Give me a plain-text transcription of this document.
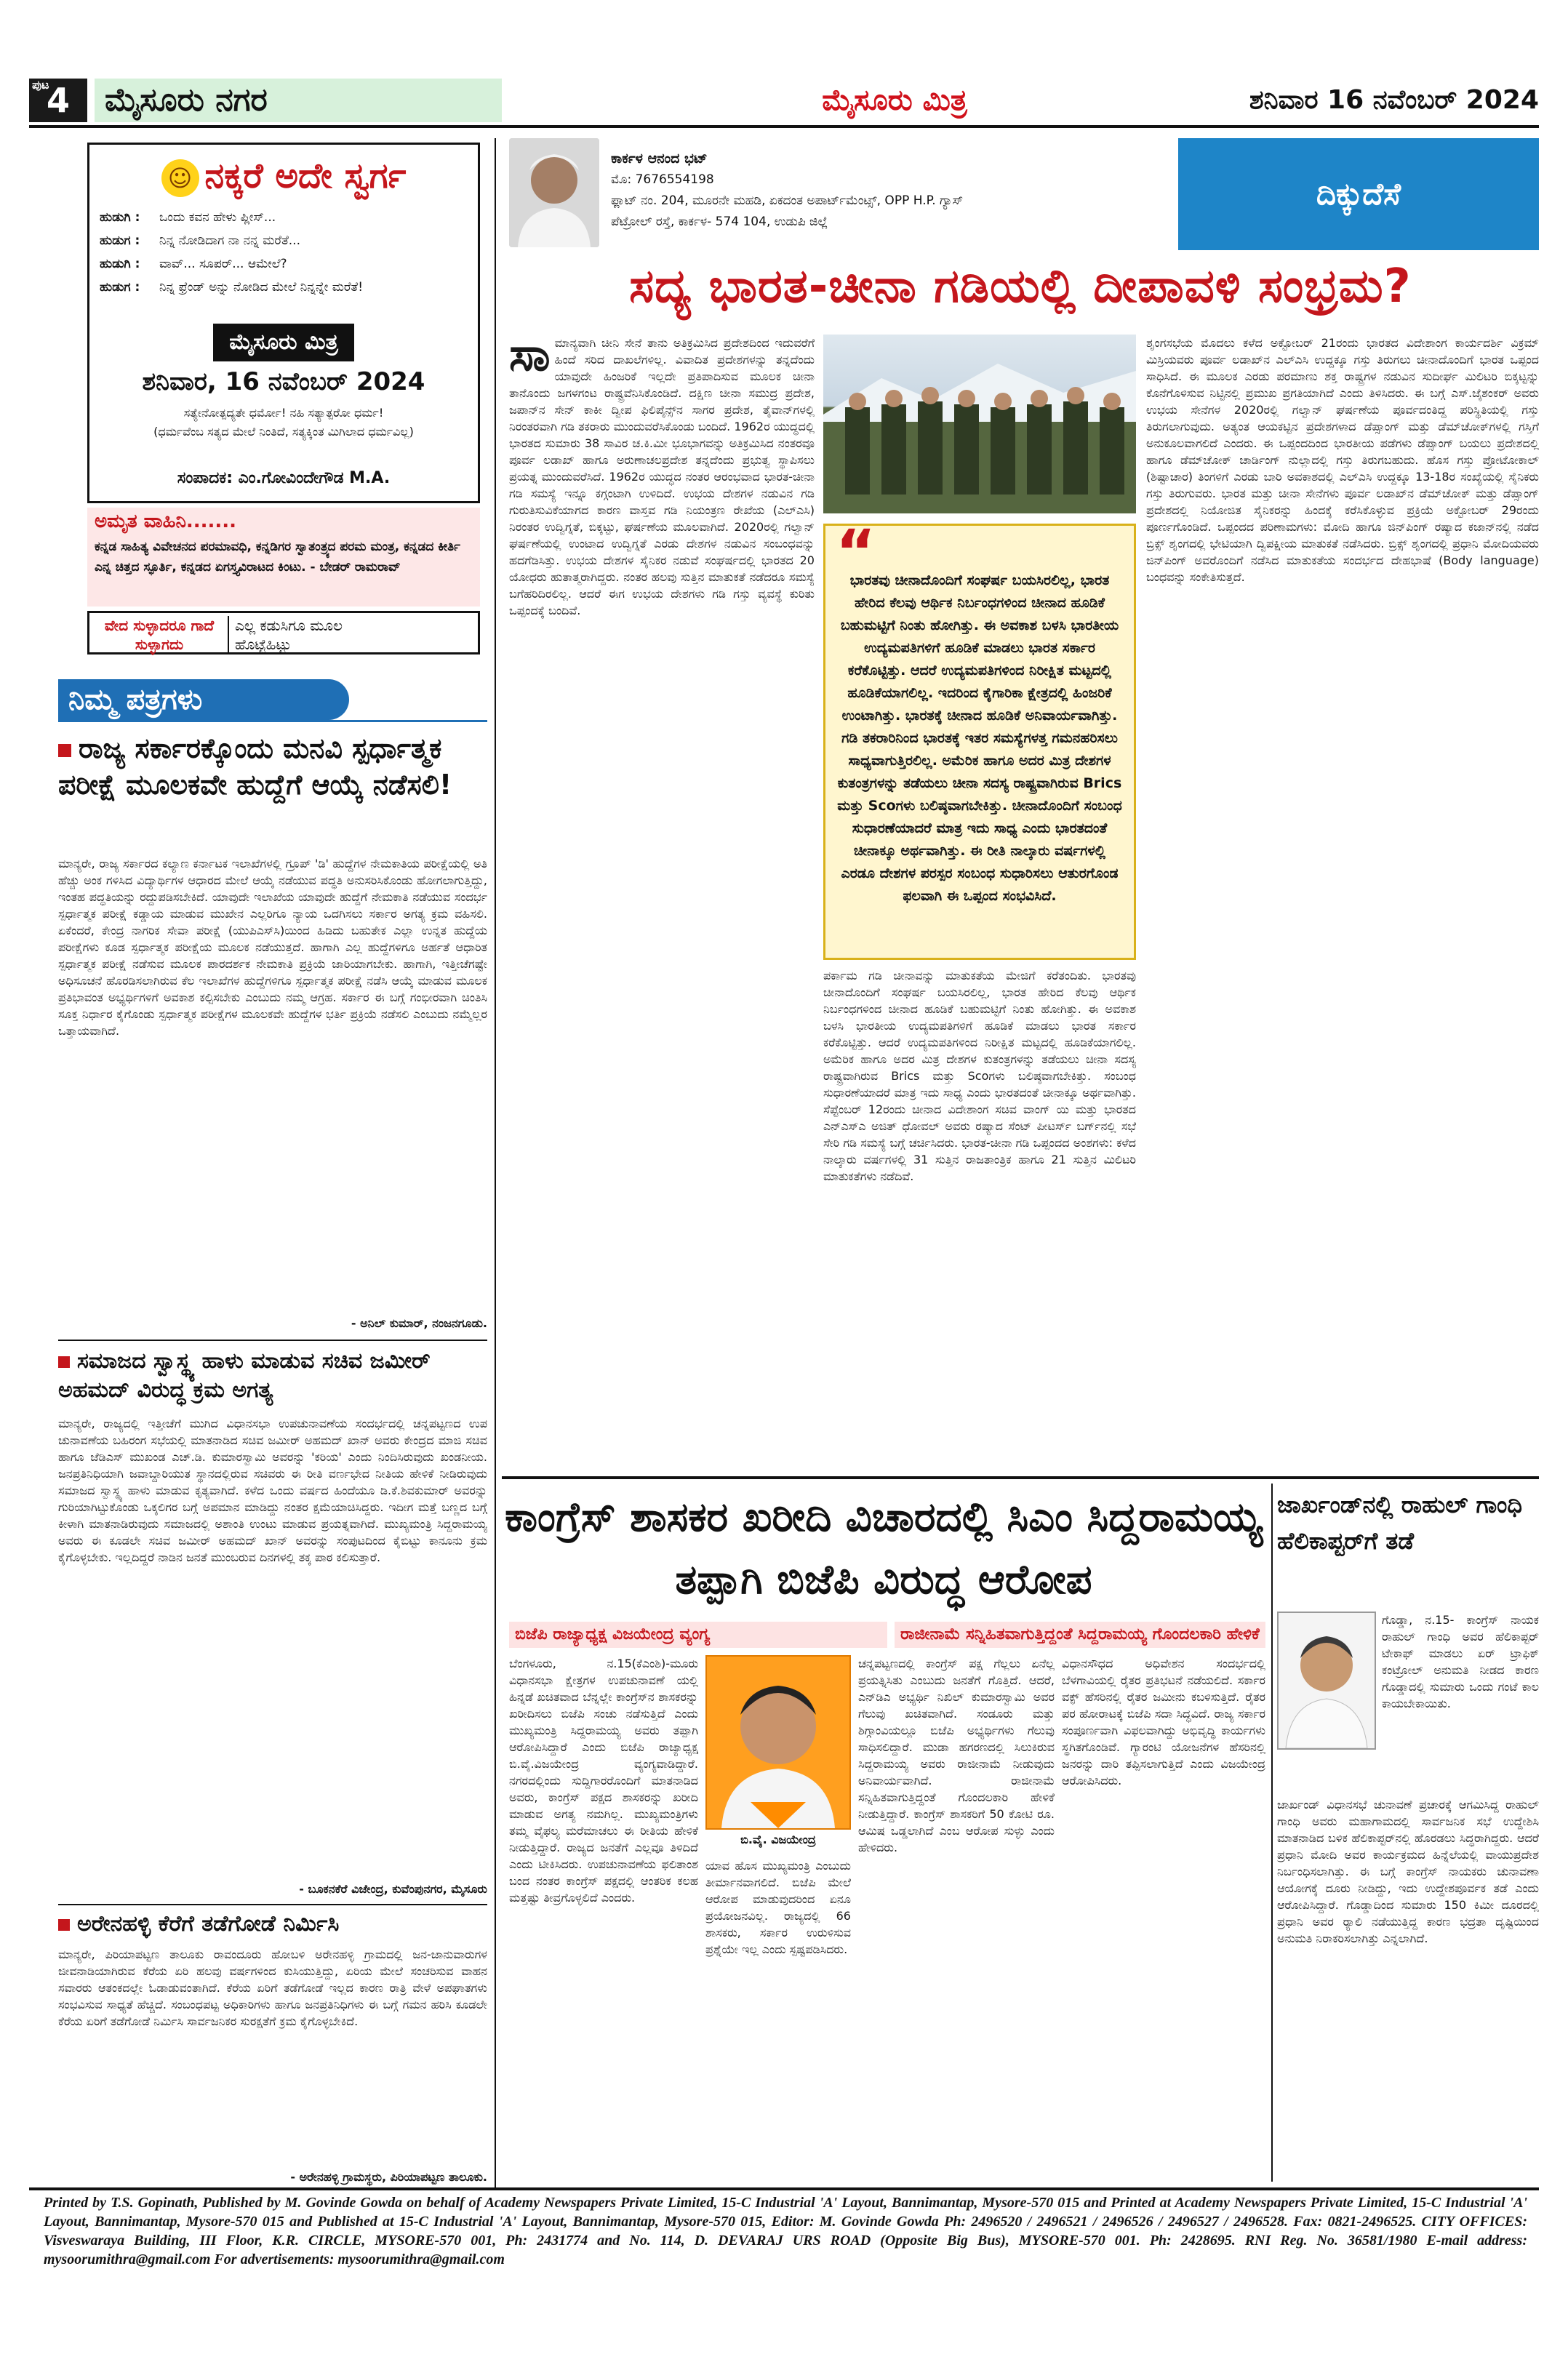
ಪುಟ
4	ಮೈಸೂರು ನಗರ	ಮೈಸೂರು ಮಿತ್ರ	ಶನಿವಾರ 16 ನವೆಂಬರ್ 2024
☺ ನಕ್ಕರೆ ಅದೇ ಸ್ವರ್ಗ
ಹುಡುಗಿ : ಒಂದು ಕವನ ಹೇಳು ಪ್ಲೀಸ್...
ಹುಡುಗ : ನಿನ್ನ ನೋಡಿದಾಗ ನಾ ನನ್ನ ಮರೆತೆ...
ಹುಡುಗಿ : ವಾವ್... ಸೂಪರ್... ಆಮೇಲೆ?
ಹುಡುಗ : ನಿನ್ನ ಫ್ರೆಂಡ್ ಅನ್ನು ನೋಡಿದ ಮೇಲೆ ನಿನ್ನನ್ನೇ ಮರೆತೆ!
ಮೈಸೂರು ಮಿತ್ರ
ಶನಿವಾರ, 16 ನವೆಂಬರ್ 2024
ಸತ್ಯೇನೋತ್ಪದ್ಯತೇ ಧರ್ಮೋ! ನಹಿ ಸತ್ಯಾತ್ಪರೋ ಧರ್ಮ!
(ಧರ್ಮವೆಂಬ ಸತ್ಯದ ಮೇಲೆ ನಿಂತಿದೆ, ಸತ್ಯಕ್ಕಿಂತ ಮಿಗಿಲಾದ ಧರ್ಮವಿಲ್ಲ)
ಸಂಪಾದಕ: ಎಂ.ಗೋವಿಂದೇಗೌಡ M.A.
ಅಮೃತ ವಾಹಿನಿ.......
ಕನ್ನಡ ಸಾಹಿತ್ಯ ವಿವೇಚನದ ಪರಮಾವಧಿ, ಕನ್ನಡಿಗರ ಸ್ವಾತಂತ್ರ್ಯದ ಪರಮ ಮಂತ್ರ, ಕನ್ನಡದ ಕೀರ್ತಿ ಎನ್ನ ಚಿತ್ತದ ಸ್ಫೂರ್ತಿ, ಕನ್ನಡದ ಏಗಸ್ತ್ಯವಿರಾಟದ ಕಿಂಟು. - ಬೇಡರ್ ರಾಮರಾವ್
ವೇದ ಸುಳ್ಳಾದರೂ ಗಾದೆ ಸುಳ್ಳಾಗದು
ಎಲ್ಲ ಕಡುಸಿಗೂ ಮೂಲ ಹೊಟ್ಟೆಹಿಟ್ಟು
ನಿಮ್ಮ ಪತ್ರಗಳು
ರಾಜ್ಯ ಸರ್ಕಾರಕ್ಕೊಂದು ಮನವಿ ಸ್ಪರ್ಧಾತ್ಮಕ ಪರೀಕ್ಷೆ ಮೂಲಕವೇ ಹುದ್ದೆಗೆ ಆಯ್ಕೆ ನಡೆಸಲಿ!
ಮಾನ್ಯರೇ, ರಾಜ್ಯ ಸರ್ಕಾರದ ಕಲ್ಯಾಣ ಕರ್ನಾಟಕ ಇಲಾಖೆಗಳಲ್ಲಿ ಗ್ರೂಪ್ 'ಡಿ' ಹುದ್ದೆಗಳ ನೇಮಕಾತಿಯ ಪರೀಕ್ಷೆಯಲ್ಲಿ ಅತಿ ಹೆಚ್ಚು ಅಂಕ ಗಳಿಸಿದ ವಿದ್ಯಾರ್ಥಿಗಳ ಆಧಾರದ ಮೇಲೆ ಆಯ್ಕೆ ನಡೆಯುವ ಪದ್ಧತಿ ಅನುಸರಿಸಿಕೊಂಡು ಹೋಗಲಾಗುತ್ತಿದ್ದು, ಇಂತಹ ಪದ್ಧತಿಯನ್ನು ರದ್ದುಪಡಿಸಬೇಕಿದೆ. ಯಾವುದೇ ಇಲಾಖೆಯ ಯಾವುದೇ ಹುದ್ದೆಗೆ ನೇಮಕಾತಿ ನಡೆಯುವ ಸಂದರ್ಭ ಸ್ಪರ್ಧಾತ್ಮಕ ಪರೀಕ್ಷೆ ಕಡ್ಡಾಯ ಮಾಡುವ ಮುಖೇನ ಎಲ್ಲರಿಗೂ ನ್ಯಾಯ ಒದಗಿಸಲು ಸರ್ಕಾರ ಅಗತ್ಯ ಕ್ರಮ ವಹಿಸಲಿ. ಏಕೆಂದರೆ, ಕೇಂದ್ರ ನಾಗರಿಕ ಸೇವಾ ಪರೀಕ್ಷೆ (ಯುಪಿಎಸ್‌ಸಿ)ಯಿಂದ ಹಿಡಿದು ಬಹುತೇಕ ಎಲ್ಲಾ ಉನ್ನತ ಹುದ್ದೆಯ ಪರೀಕ್ಷೆಗಳು ಕೂಡ ಸ್ಪರ್ಧಾತ್ಮಕ ಪರೀಕ್ಷೆಯ ಮೂಲಕ ನಡೆಯುತ್ತದೆ. ಹಾಗಾಗಿ ಎಲ್ಲ ಹುದ್ದೆಗಳಿಗೂ ಅರ್ಹತೆ ಆಧಾರಿತ ಸ್ಪರ್ಧಾತ್ಮಕ ಪರೀಕ್ಷೆ ನಡೆಸುವ ಮೂಲಕ ಪಾರದರ್ಶಕ ನೇಮಕಾತಿ ಪ್ರಕ್ರಿಯೆ ಜಾರಿಯಾಗಬೇಕು. ಹಾಗಾಗಿ, ಇತ್ತೀಚೆಗಷ್ಟೇ ಅಧಿಸೂಚನೆ ಹೊರಡಿಸಲಾಗಿರುವ ಕೆಲ ಇಲಾಖೆಗಳ ಹುದ್ದೆಗಳಿಗೂ ಸ್ಪರ್ಧಾತ್ಮಕ ಪರೀಕ್ಷೆ ನಡೆಸಿ ಆಯ್ಕೆ ಮಾಡುವ ಮೂಲಕ ಪ್ರತಿಭಾವಂತ ಅಭ್ಯರ್ಥಿಗಳಿಗೆ ಅವಕಾಶ ಕಲ್ಪಿಸಬೇಕು ಎಂಬುದು ನಮ್ಮ ಆಗ್ರಹ. ಸರ್ಕಾರ ಈ ಬಗ್ಗೆ ಗಂಭೀರವಾಗಿ ಚಿಂತಿಸಿ ಸೂಕ್ತ ನಿರ್ಧಾರ ಕೈಗೊಂಡು ಸ್ಪರ್ಧಾತ್ಮಕ ಪರೀಕ್ಷೆಗಳ ಮೂಲಕವೇ ಹುದ್ದೆಗಳ ಭರ್ತಿ ಪ್ರಕ್ರಿಯೆ ನಡೆಸಲಿ ಎಂಬುದು ನಮ್ಮೆಲ್ಲರ ಒತ್ತಾಯವಾಗಿದೆ.
- ಅನಿಲ್ ಕುಮಾರ್, ನಂಜನಗೂಡು.
ಸಮಾಜದ ಸ್ವಾಸ್ಥ್ಯ ಹಾಳು ಮಾಡುವ ಸಚಿವ ಜಮೀರ್ ಅಹಮದ್ ವಿರುದ್ಧ ಕ್ರಮ ಅಗತ್ಯ
ಮಾನ್ಯರೇ, ರಾಜ್ಯದಲ್ಲಿ ಇತ್ತೀಚೆಗೆ ಮುಗಿದ ವಿಧಾನಸಭಾ ಉಪಚುನಾವಣೆಯ ಸಂದರ್ಭದಲ್ಲಿ ಚನ್ನಪಟ್ಟಣದ ಉಪ ಚುನಾವಣೆಯ ಬಹಿರಂಗ ಸಭೆಯಲ್ಲಿ ಮಾತನಾಡಿದ ಸಚಿವ ಜಮೀರ್ ಅಹಮದ್ ಖಾನ್ ಅವರು ಕೇಂದ್ರದ ಮಾಜಿ ಸಚಿವ ಹಾಗೂ ಜೆಡಿಎಸ್ ಮುಖಂಡ ಎಚ್.ಡಿ. ಕುಮಾರಸ್ವಾಮಿ ಅವರನ್ನು 'ಕರಿಯ' ಎಂದು ನಿಂದಿಸಿರುವುದು ಖಂಡನೀಯ. ಜನಪ್ರತಿನಿಧಿಯಾಗಿ ಜವಾಬ್ದಾರಿಯುತ ಸ್ಥಾನದಲ್ಲಿರುವ ಸಚಿವರು ಈ ರೀತಿ ವರ್ಣಭೇದ ನೀತಿಯ ಹೇಳಿಕೆ ನೀಡಿರುವುದು ಸಮಾಜದ ಸ್ವಾಸ್ಥ್ಯ ಹಾಳು ಮಾಡುವ ಕೃತ್ಯವಾಗಿದೆ. ಕಳೆದ ಒಂದು ವರ್ಷದ ಹಿಂದೆಯೂ ಡಿ.ಕೆ.ಶಿವಕುಮಾರ್ ಅವರನ್ನು ಗುರಿಯಾಗಿಟ್ಟುಕೊಂಡು ಒಕ್ಕಲಿಗರ ಬಗ್ಗೆ ಅಪಮಾನ ಮಾಡಿದ್ದು ನಂತರ ಕ್ಷಮೆಯಾಚಿಸಿದ್ದರು. ಇದೀಗ ಮತ್ತೆ ಬಣ್ಣದ ಬಗ್ಗೆ ಕೀಳಾಗಿ ಮಾತನಾಡಿರುವುದು ಸಮಾಜದಲ್ಲಿ ಅಶಾಂತಿ ಉಂಟು ಮಾಡುವ ಪ್ರಯತ್ನವಾಗಿದೆ. ಮುಖ್ಯಮಂತ್ರಿ ಸಿದ್ದರಾಮಯ್ಯ ಅವರು ಈ ಕೂಡಲೇ ಸಚಿವ ಜಮೀರ್ ಅಹಮದ್ ಖಾನ್ ಅವರನ್ನು ಸಂಪುಟದಿಂದ ಕೈಬಿಟ್ಟು ಕಾನೂನು ಕ್ರಮ ಕೈಗೊಳ್ಳಬೇಕು. ಇಲ್ಲದಿದ್ದರೆ ನಾಡಿನ ಜನತೆ ಮುಂಬರುವ ದಿನಗಳಲ್ಲಿ ತಕ್ಕ ಪಾಠ ಕಲಿಸುತ್ತಾರೆ.
- ಬೂಕನಕೆರೆ ವಿಜೇಂದ್ರ, ಕುವೆಂಪುನಗರ, ಮೈಸೂರು
ಅರೇನಹಳ್ಳಿ ಕೆರೆಗೆ ತಡೆಗೋಡೆ ನಿರ್ಮಿಸಿ
ಮಾನ್ಯರೇ, ಪಿರಿಯಾಪಟ್ಟಣ ತಾಲೂಕು ರಾವಂದೂರು ಹೋಬಳಿ ಅರೇನಹಳ್ಳಿ ಗ್ರಾಮದಲ್ಲಿ ಜನ-ಜಾನುವಾರುಗಳ ಜೀವನಾಡಿಯಾಗಿರುವ ಕೆರೆಯ ಏರಿ ಹಲವು ವರ್ಷಗಳಿಂದ ಕುಸಿಯುತ್ತಿದ್ದು, ಏರಿಯ ಮೇಲೆ ಸಂಚರಿಸುವ ವಾಹನ ಸವಾರರು ಆತಂಕದಲ್ಲೇ ಓಡಾಡುವಂತಾಗಿದೆ. ಕೆರೆಯ ಏರಿಗೆ ತಡೆಗೋಡೆ ಇಲ್ಲದ ಕಾರಣ ರಾತ್ರಿ ವೇಳೆ ಅಪಘಾತಗಳು ಸಂಭವಿಸುವ ಸಾಧ್ಯತೆ ಹೆಚ್ಚಿದೆ. ಸಂಬಂಧಪಟ್ಟ ಅಧಿಕಾರಿಗಳು ಹಾಗೂ ಜನಪ್ರತಿನಿಧಿಗಳು ಈ ಬಗ್ಗೆ ಗಮನ ಹರಿಸಿ ಕೂಡಲೇ ಕೆರೆಯ ಏರಿಗೆ ತಡೆಗೋಡೆ ನಿರ್ಮಿಸಿ ಸಾರ್ವಜನಿಕರ ಸುರಕ್ಷತೆಗೆ ಕ್ರಮ ಕೈಗೊಳ್ಳಬೇಕಿದೆ.
- ಅರೇನಹಳ್ಳಿ ಗ್ರಾಮಸ್ಥರು, ಪಿರಿಯಾಪಟ್ಟಣ ತಾಲೂಕು.
ಕಾರ್ಕಳ ಆನಂದ ಭಟ್
ಮೊ: 7676554198
ಫ್ಲಾಟ್ ನಂ. 204, ಮೂರನೇ ಮಹಡಿ, ಏಕದಂತ ಅಪಾರ್ಟ್‌ಮೆಂಟ್ಸ್, OPP H.P. ಗ್ಯಾಸ್ ಪೆಟ್ರೋಲ್ ರಸ್ತೆ, ಕಾರ್ಕಳ- 574 104, ಉಡುಪಿ ಜಿಲ್ಲೆ
ದಿಕ್ಕುದೆಸೆ
ಸದ್ಯ ಭಾರತ-ಚೀನಾ ಗಡಿಯಲ್ಲಿ ದೀಪಾವಳಿ ಸಂಭ್ರಮ?
ಸಾಮಾನ್ಯವಾಗಿ ಚೀನಿ ಸೇನೆ ತಾನು ಅತಿಕ್ರಮಿಸಿದ ಪ್ರದೇಶದಿಂದ ಇದುವರೆಗೆ ಹಿಂದೆ ಸರಿದ ದಾಖಲೆಗಳಿಲ್ಲ. ವಿವಾದಿತ ಪ್ರದೇಶಗಳನ್ನು ತನ್ನದೆಂದು ಯಾವುದೇ ಹಿಂಜರಿಕೆ ಇಲ್ಲದೇ ಪ್ರತಿಪಾದಿಸುವ ಮೂಲಕ ಚೀನಾ ತಾನೊಂದು ಜಗಳಗಂಟ ರಾಷ್ಟ್ರವೆನಿಸಿಕೊಂಡಿದೆ. ದಕ್ಷಿಣ ಚೀನಾ ಸಮುದ್ರ ಪ್ರದೇಶ, ಜಪಾನ್‌ನ ಸೇನ್ ಕಾಕೀ ದ್ವೀಪ ಫಿಲಿಪೈನ್ಸ್‌ನ ಸಾಗರ ಪ್ರದೇಶ, ತೈವಾನ್‌ಗಳಲ್ಲಿ ನಿರಂತರವಾಗಿ ಗಡಿ ತಕರಾರು ಮುಂದುವರೆಸಿಕೊಂಡು ಬಂದಿದೆ. 1962ರ ಯುದ್ಧದಲ್ಲಿ ಭಾರತದ ಸುಮಾರು 38 ಸಾವಿರ ಚ.ಕಿ.ಮೀ ಭೂಭಾಗವನ್ನು ಅತಿಕ್ರಮಿಸಿದ ನಂತರವೂ ಪೂರ್ವ ಲಡಾಖ್ ಹಾಗೂ ಅರುಣಾಚಲಪ್ರದೇಶ ತನ್ನದೆಂದು ಪ್ರಭುತ್ವ ಸ್ಥಾಪಿಸಲು ಪ್ರಯತ್ನ ಮುಂದುವರೆಸಿದೆ. 1962ರ ಯುದ್ಧದ ನಂತರ ಆರಂಭವಾದ ಭಾರತ-ಚೀನಾ ಗಡಿ ಸಮಸ್ಯೆ ಇನ್ನೂ ಕಗ್ಗಂಟಾಗಿ ಉಳಿದಿದೆ. ಉಭಯ ದೇಶಗಳ ನಡುವಿನ ಗಡಿ ಗುರುತಿಸುವಿಕೆಯಾಗದ ಕಾರಣ ವಾಸ್ತವ ಗಡಿ ನಿಯಂತ್ರಣ ರೇಖೆಯ (ಎಲ್‌ಎಸಿ) ನಿರಂತರ ಉದ್ವಿಗ್ನತೆ, ಬಿಕ್ಕಟ್ಟು, ಘರ್ಷಣೆಯ ಮೂಲವಾಗಿದೆ. 2020ರಲ್ಲಿ ಗಲ್ವಾನ್ ಘರ್ಷಣೆಯಲ್ಲಿ ಉಂಟಾದ ಉದ್ವಿಗ್ನತೆ ಎರಡು ದೇಶಗಳ ನಡುವಿನ ಸಂಬಂಧವನ್ನು ಹದಗೆಡಿಸಿತ್ತು. ಉಭಯ ದೇಶಗಳ ಸೈನಿಕರ ನಡುವೆ ಸಂಘರ್ಷದಲ್ಲಿ ಭಾರತದ 20 ಯೋಧರು ಹುತಾತ್ಮರಾಗಿದ್ದರು. ನಂತರ ಹಲವು ಸುತ್ತಿನ ಮಾತುಕತೆ ನಡೆದರೂ ಸಮಸ್ಯೆ ಬಗೆಹರಿದಿರಲಿಲ್ಲ. ಆದರೆ ಈಗ ಉಭಯ ದೇಶಗಳು ಗಡಿ ಗಸ್ತು ವ್ಯವಸ್ಥೆ ಕುರಿತು ಒಪ್ಪಂದಕ್ಕೆ ಬಂದಿವೆ.
“
ಭಾರತವು ಚೀನಾದೊಂದಿಗೆ ಸಂಘರ್ಷ ಬಯಸಿರಲಿಲ್ಲ, ಭಾರತ ಹೇರಿದ ಕೆಲವು ಆರ್ಥಿಕ ನಿರ್ಬಂಧಗಳಿಂದ ಚೀನಾದ ಹೂಡಿಕೆ ಬಹುಮಟ್ಟಿಗೆ ನಿಂತು ಹೋಗಿತ್ತು. ಈ ಅವಕಾಶ ಬಳಸಿ ಭಾರತೀಯ ಉದ್ಯಮಪತಿಗಳಿಗೆ ಹೂಡಿಕೆ ಮಾಡಲು ಭಾರತ ಸರ್ಕಾರ ಕರೆಕೊಟ್ಟಿತ್ತು. ಆದರೆ ಉದ್ಯಮಪತಿಗಳಿಂದ ನಿರೀಕ್ಷಿತ ಮಟ್ಟದಲ್ಲಿ ಹೂಡಿಕೆಯಾಗಲಿಲ್ಲ. ಇದರಿಂದ ಕೈಗಾರಿಕಾ ಕ್ಷೇತ್ರದಲ್ಲಿ ಹಿಂಜರಿಕೆ ಉಂಟಾಗಿತ್ತು. ಭಾರತಕ್ಕೆ ಚೀನಾದ ಹೂಡಿಕೆ ಅನಿವಾರ್ಯವಾಗಿತ್ತು. ಗಡಿ ತಕರಾರಿನಿಂದ ಭಾರತಕ್ಕೆ ಇತರ ಸಮಸ್ಯೆಗಳತ್ತ ಗಮನಹರಿಸಲು ಸಾಧ್ಯವಾಗುತ್ತಿರಲಿಲ್ಲ. ಅಮೆರಿಕ ಹಾಗೂ ಅದರ ಮಿತ್ರ ದೇಶಗಳ ಕುತಂತ್ರಗಳನ್ನು ತಡೆಯಲು ಚೀನಾ ಸದಸ್ಯ ರಾಷ್ಟ್ರವಾಗಿರುವ Brics ಮತ್ತು Scoಗಳು ಬಲಿಷ್ಠವಾಗಬೇಕಿತ್ತು. ಚೀನಾದೊಂದಿಗೆ ಸಂಬಂಧ ಸುಧಾರಣೆಯಾದರೆ ಮಾತ್ರ ಇದು ಸಾಧ್ಯ ಎಂದು ಭಾರತದಂತೆ ಚೀನಾಕ್ಕೂ ಅರ್ಥವಾಗಿತ್ತು. ಈ ರೀತಿ ನಾಲ್ಕಾರು ವರ್ಷಗಳಲ್ಲಿ ಎರಡೂ ದೇಶಗಳ ಪರಸ್ಪರ ಸಂಬಂಧ ಸುಧಾರಿಸಲು ಆತುರಗೊಂಡ ಫಲವಾಗಿ ಈ ಒಪ್ಪಂದ ಸಂಭವಿಸಿದೆ.
ಪರ್ಕಾಮ ಗಡಿ ಚೀನಾವನ್ನು ಮಾತುಕತೆಯ ಮೇಜಿಗೆ ಕರೆತಂದಿತು. ಭಾರತವು ಚೀನಾದೊಂದಿಗೆ ಸಂಘರ್ಷ ಬಯಸಿರಲಿಲ್ಲ, ಭಾರತ ಹೇರಿದ ಕೆಲವು ಆರ್ಥಿಕ ನಿರ್ಬಂಧಗಳಿಂದ ಚೀನಾದ ಹೂಡಿಕೆ ಬಹುಮಟ್ಟಿಗೆ ನಿಂತು ಹೋಗಿತ್ತು. ಈ ಅವಕಾಶ ಬಳಸಿ ಭಾರತೀಯ ಉದ್ಯಮಪತಿಗಳಿಗೆ ಹೂಡಿಕೆ ಮಾಡಲು ಭಾರತ ಸರ್ಕಾರ ಕರೆಕೊಟ್ಟಿತ್ತು. ಆದರೆ ಉದ್ಯಮಪತಿಗಳಿಂದ ನಿರೀಕ್ಷಿತ ಮಟ್ಟದಲ್ಲಿ ಹೂಡಿಕೆಯಾಗಲಿಲ್ಲ. ಅಮೆರಿಕ ಹಾಗೂ ಅದರ ಮಿತ್ರ ದೇಶಗಳ ಕುತಂತ್ರಗಳನ್ನು ತಡೆಯಲು ಚೀನಾ ಸದಸ್ಯ ರಾಷ್ಟ್ರವಾಗಿರುವ Brics ಮತ್ತು Scoಗಳು ಬಲಿಷ್ಠವಾಗಬೇಕಿತ್ತು. ಸಂಬಂಧ ಸುಧಾರಣೆಯಾದರೆ ಮಾತ್ರ ಇದು ಸಾಧ್ಯ ಎಂದು ಭಾರತದಂತೆ ಚೀನಾಕ್ಕೂ ಅರ್ಥವಾಗಿತ್ತು. ಸೆಪ್ಟೆಂಬರ್ 12ರಂದು ಚೀನಾದ ವಿದೇಶಾಂಗ ಸಚಿವ ವಾಂಗ್ ಯಿ ಮತ್ತು ಭಾರತದ ಎನ್‌ಎಸ್‌ಎ ಅಜಿತ್ ಧೋವಲ್ ಅವರು ರಷ್ಯಾದ ಸೆಂಟ್ ಪೀಟರ್ಸ್ ಬರ್ಗ್‌ನಲ್ಲಿ ಸಭೆ ಸೇರಿ ಗಡಿ ಸಮಸ್ಯೆ ಬಗ್ಗೆ ಚರ್ಚಿಸಿದರು. ಭಾರತ-ಚೀನಾ ಗಡಿ ಒಪ್ಪಂದದ ಅಂಶಗಳು: ಕಳೆದ ನಾಲ್ಕಾರು ವರ್ಷಗಳಲ್ಲಿ 31 ಸುತ್ತಿನ ರಾಜತಾಂತ್ರಿಕ ಹಾಗೂ 21 ಸುತ್ತಿನ ಮಿಲಿಟರಿ ಮಾತುಕತೆಗಳು ನಡೆದಿವೆ.
ಶೃಂಗಸಭೆಯ ಮೊದಲು ಕಳೆದ ಅಕ್ಟೋಬರ್ 21ರಂದು ಭಾರತದ ವಿದೇಶಾಂಗ ಕಾರ್ಯದರ್ಶಿ ವಿಕ್ರಮ್ ಮಿಸ್ರಿಯವರು ಪೂರ್ವ ಲಡಾಖ್‌ನ ಎಲ್‌ಎಸಿ ಉದ್ದಕ್ಕೂ ಗಸ್ತು ತಿರುಗಲು ಚೀನಾದೊಂದಿಗೆ ಭಾರತ ಒಪ್ಪಂದ ಸಾಧಿಸಿದೆ. ಈ ಮೂಲಕ ಎರಡು ಪರಮಾಣು ಶಕ್ತ ರಾಷ್ಟ್ರಗಳ ನಡುವಿನ ಸುದೀರ್ಘ ಮಿಲಿಟರಿ ಬಿಕ್ಕಟ್ಟನ್ನು ಕೊನೆಗೊಳಿಸುವ ನಿಟ್ಟಿನಲ್ಲಿ ಪ್ರಮುಖ ಪ್ರಗತಿಯಾಗಿದೆ ಎಂದು ತಿಳಿಸಿದರು. ಈ ಬಗ್ಗೆ ಎಸ್.ಜೈಶಂಕರ್ ಅವರು ಉಭಯ ಸೇನೆಗಳ 2020ರಲ್ಲಿ ಗಲ್ವಾನ್ ಘರ್ಷಣೆಯ ಪೂರ್ವದಂತಿದ್ದ ಪರಿಸ್ಥಿತಿಯಲ್ಲಿ ಗಸ್ತು ತಿರುಗಲಾಗುವುದು. ಅತ್ಯಂತ ಆಯಕಟ್ಟಿನ ಪ್ರದೇಶಗಳಾದ ಡೆಪ್ಸಾಂಗ್ ಮತ್ತು ಡೆಮ್‌ಚೋಕ್‌ಗಳಲ್ಲಿ ಗಸ್ತಿಗೆ ಅನುಕೂಲವಾಗಲಿದೆ ಎಂದರು. ಈ ಒಪ್ಪಂದದಿಂದ ಭಾರತೀಯ ಪಡೆಗಳು ಡೆಪ್ಸಾಂಗ್ ಬಯಲು ಪ್ರದೇಶದಲ್ಲಿ ಹಾಗೂ ಡೆಮ್‌ಚೋಕ್ ಚಾರ್ಡಿಂಗ್ ನುಲ್ಲಾದಲ್ಲಿ ಗಸ್ತು ತಿರುಗಬಹುದು. ಹೊಸ ಗಸ್ತು ಪ್ರೋಟೋಕಾಲ್ (ಶಿಷ್ಟಾಚಾರ) ತಿಂಗಳಿಗೆ ಎರಡು ಬಾರಿ ಅವಕಾಶದಲ್ಲಿ ಎಲ್‌ಎಸಿ ಉದ್ದಕ್ಕೂ 13-18ರ ಸಂಖ್ಯೆಯಲ್ಲಿ ಸೈನಿಕರು ಗಸ್ತು ತಿರುಗುವರು. ಭಾರತ ಮತ್ತು ಚೀನಾ ಸೇನೆಗಳು ಪೂರ್ವ ಲಡಾಖ್‌ನ ಡೆಮ್‌ಚೋಕ್ ಮತ್ತು ಡೆಪ್ಸಾಂಗ್ ಪ್ರದೇಶದಲ್ಲಿ ನಿಯೋಜಿತ ಸೈನಿಕರನ್ನು ಹಿಂದಕ್ಕೆ ಕರೆಸಿಕೊಳ್ಳುವ ಪ್ರಕ್ರಿಯೆ ಅಕ್ಟೋಬರ್ 29ರಂದು ಪೂರ್ಣಗೊಂಡಿದೆ. ಒಪ್ಪಂದದ ಪರಿಣಾಮಗಳು: ಮೋದಿ ಹಾಗೂ ಜಿನ್‌ಪಿಂಗ್ ರಷ್ಯಾದ ಕಜಾನ್‌ನಲ್ಲಿ ನಡೆದ ಬ್ರಿಕ್ಸ್ ಶೃಂಗದಲ್ಲಿ ಭೇಟಿಯಾಗಿ ದ್ವಿಪಕ್ಷೀಯ ಮಾತುಕತೆ ನಡೆಸಿದರು. ಬ್ರಿಕ್ಸ್ ಶೃಂಗದಲ್ಲಿ ಪ್ರಧಾನಿ ಮೋದಿಯವರು ಜಿನ್‌ಪಿಂಗ್ ಅವರೊಂದಿಗೆ ನಡೆಸಿದ ಮಾತುಕತೆಯ ಸಂದರ್ಭದ ದೇಹಭಾಷೆ (Body language) ಬಂಧವನ್ನು ಸಂಕೇತಿಸುತ್ತದೆ.
ಕಾಂಗ್ರೆಸ್ ಶಾಸಕರ ಖರೀದಿ ವಿಚಾರದಲ್ಲಿ ಸಿಎಂ ಸಿದ್ದರಾಮಯ್ಯ ತಪ್ಪಾಗಿ ಬಿಜೆಪಿ ವಿರುದ್ಧ ಆರೋಪ
ಬಿಜೆಪಿ ರಾಜ್ಯಾಧ್ಯಕ್ಷ ವಿಜಯೇಂದ್ರ ವ್ಯಂಗ್ಯ	ರಾಜೀನಾಮೆ ಸನ್ನಿಹಿತವಾಗುತ್ತಿದ್ದಂತೆ ಸಿದ್ದರಾಮಯ್ಯ ಗೊಂದಲಕಾರಿ ಹೇಳಿಕೆ
ಬೆಂಗಳೂರು, ನ.15(ಕೆಎಂಶಿ)-ಮೂರು ವಿಧಾನಸಭಾ ಕ್ಷೇತ್ರಗಳ ಉಪಚುನಾವಣೆ ಯಲ್ಲಿ ಹಿನ್ನಡೆ ಖಚಿತವಾದ ಬೆನ್ನಲ್ಲೇ ಕಾಂಗ್ರೆಸ್‌ನ ಶಾಸಕರನ್ನು ಖರೀದಿಸಲು ಬಿಜೆಪಿ ಸಂಚು ನಡೆಸುತ್ತಿದೆ ಎಂದು ಮುಖ್ಯಮಂತ್ರಿ ಸಿದ್ದರಾಮಯ್ಯ ಅವರು ತಪ್ಪಾಗಿ ಆರೋಪಿಸಿದ್ದಾರೆ ಎಂದು ಬಿಜೆಪಿ ರಾಜ್ಯಾಧ್ಯಕ್ಷ ಬಿ.ವೈ.ವಿಜಯೇಂದ್ರ ವ್ಯಂಗ್ಯವಾಡಿದ್ದಾರೆ. ನಗರದಲ್ಲಿಂದು ಸುದ್ದಿಗಾರರೊಂದಿಗೆ ಮಾತನಾಡಿದ ಅವರು, ಕಾಂಗ್ರೆಸ್ ಪಕ್ಷದ ಶಾಸಕರನ್ನು ಖರೀದಿ ಮಾಡುವ ಅಗತ್ಯ ನಮಗಿಲ್ಲ. ಮುಖ್ಯಮಂತ್ರಿಗಳು ತಮ್ಮ ವೈಫಲ್ಯ ಮರೆಮಾಚಲು ಈ ರೀತಿಯ ಹೇಳಿಕೆ ನೀಡುತ್ತಿದ್ದಾರೆ. ರಾಜ್ಯದ ಜನತೆಗೆ ಎಲ್ಲವೂ ತಿಳಿದಿದೆ ಎಂದು ಟೀಕಿಸಿದರು. ಉಪಚುನಾವಣೆಯ ಫಲಿತಾಂಶ ಬಂದ ನಂತರ ಕಾಂಗ್ರೆಸ್ ಪಕ್ಷದಲ್ಲಿ ಆಂತರಿಕ ಕಲಹ ಮತ್ತಷ್ಟು ತೀವ್ರಗೊಳ್ಳಲಿದೆ ಎಂದರು.
ಬಿ.ವೈ. ವಿಜಯೇಂದ್ರ
ಯಾವ ಹೊಸ ಮುಖ್ಯಮಂತ್ರಿ ಎಂಬುದು ತೀರ್ಮಾನವಾಗಲಿದೆ. ಬಿಜೆಪಿ ಮೇಲೆ ಆರೋಪ ಮಾಡುವುದರಿಂದ ಏನೂ ಪ್ರಯೋಜನವಿಲ್ಲ. ರಾಜ್ಯದಲ್ಲಿ 66 ಶಾಸಕರು, ಸರ್ಕಾರ ಉರುಳಿಸುವ ಪ್ರಶ್ನೆಯೇ ಇಲ್ಲ ಎಂದು ಸ್ಪಷ್ಟಪಡಿಸಿದರು.
ಚನ್ನಪಟ್ಟಣದಲ್ಲಿ ಕಾಂಗ್ರೆಸ್ ಪಕ್ಷ ಗೆಲ್ಲಲು ಏನೆಲ್ಲ ಪ್ರಯತ್ನಿಸಿತು ಎಂಬುದು ಜನತೆಗೆ ಗೊತ್ತಿದೆ. ಆದರೆ, ಎನ್‌ಡಿಎ ಅಭ್ಯರ್ಥಿ ನಿಖಿಲ್ ಕುಮಾರಸ್ವಾಮಿ ಅವರ ಗೆಲುವು ಖಚಿತವಾಗಿದೆ. ಸಂಡೂರು ಮತ್ತು ಶಿಗ್ಗಾಂವಿಯಲ್ಲೂ ಬಿಜೆಪಿ ಅಭ್ಯರ್ಥಿಗಳು ಗೆಲುವು ಸಾಧಿಸಲಿದ್ದಾರೆ. ಮುಡಾ ಹಗರಣದಲ್ಲಿ ಸಿಲುಕಿರುವ ಸಿದ್ದರಾಮಯ್ಯ ಅವರು ರಾಜೀನಾಮೆ ನೀಡುವುದು ಅನಿವಾರ್ಯವಾಗಿದೆ. ರಾಜೀನಾಮೆ ಸನ್ನಿಹಿತವಾಗುತ್ತಿದ್ದಂತೆ ಗೊಂದಲಕಾರಿ ಹೇಳಿಕೆ ನೀಡುತ್ತಿದ್ದಾರೆ. ಕಾಂಗ್ರೆಸ್ ಶಾಸಕರಿಗೆ 50 ಕೋಟಿ ರೂ. ಆಮಿಷ ಒಡ್ಡಲಾಗಿದೆ ಎಂಬ ಆರೋಪ ಸುಳ್ಳು ಎಂದು ಹೇಳಿದರು.
ವಿಧಾನಸೌಧದ ಅಧಿವೇಶನ ಸಂದರ್ಭದಲ್ಲಿ ಬೆಳಗಾವಿಯಲ್ಲಿ ರೈತರ ಪ್ರತಿಭಟನೆ ನಡೆಯಲಿದೆ. ಸರ್ಕಾರ ವಕ್ಫ್ ಹೆಸರಿನಲ್ಲಿ ರೈತರ ಜಮೀನು ಕಬಳಿಸುತ್ತಿದೆ. ರೈತರ ಪರ ಹೋರಾಟಕ್ಕೆ ಬಿಜೆಪಿ ಸದಾ ಸಿದ್ಧವಿದೆ. ರಾಜ್ಯ ಸರ್ಕಾರ ಸಂಪೂರ್ಣವಾಗಿ ವಿಫಲವಾಗಿದ್ದು ಅಭಿವೃದ್ಧಿ ಕಾರ್ಯಗಳು ಸ್ಥಗಿತಗೊಂಡಿವೆ. ಗ್ಯಾರಂಟಿ ಯೋಜನೆಗಳ ಹೆಸರಿನಲ್ಲಿ ಜನರನ್ನು ದಾರಿ ತಪ್ಪಿಸಲಾಗುತ್ತಿದೆ ಎಂದು ವಿಜಯೇಂದ್ರ ಆರೋಪಿಸಿದರು.
ಜಾರ್ಖಂಡ್‌ನಲ್ಲಿ ರಾಹುಲ್ ಗಾಂಧಿ ಹೆಲಿಕಾಪ್ಟರ್‌ಗೆ ತಡೆ
ಗೊಡ್ಡಾ, ನ.15- ಕಾಂಗ್ರೆಸ್ ನಾಯಕ ರಾಹುಲ್ ಗಾಂಧಿ ಅವರ ಹೆಲಿಕಾಪ್ಟರ್ ಟೇಕಾಫ್ ಮಾಡಲು ಏರ್ ಟ್ರಾಫಿಕ್ ಕಂಟ್ರೋಲ್ ಅನುಮತಿ ನೀಡದ ಕಾರಣ ಗೊಡ್ಡಾದಲ್ಲಿ ಸುಮಾರು ಒಂದು ಗಂಟೆ ಕಾಲ ಕಾಯಬೇಕಾಯಿತು.
ಜಾರ್ಖಂಡ್ ವಿಧಾನಸಭೆ ಚುನಾವಣೆ ಪ್ರಚಾರಕ್ಕೆ ಆಗಮಿಸಿದ್ದ ರಾಹುಲ್ ಗಾಂಧಿ ಅವರು ಮಹಾಗಾಮದಲ್ಲಿ ಸಾರ್ವಜನಿಕ ಸಭೆ ಉದ್ದೇಶಿಸಿ ಮಾತನಾಡಿದ ಬಳಿಕ ಹೆಲಿಕಾಪ್ಟರ್‌ನಲ್ಲಿ ಹೊರಡಲು ಸಿದ್ಧರಾಗಿದ್ದರು. ಆದರೆ ಪ್ರಧಾನಿ ಮೋದಿ ಅವರ ಕಾರ್ಯಕ್ರಮದ ಹಿನ್ನೆಲೆಯಲ್ಲಿ ವಾಯುಪ್ರದೇಶ ನಿರ್ಬಂಧಿಸಲಾಗಿತ್ತು. ಈ ಬಗ್ಗೆ ಕಾಂಗ್ರೆಸ್ ನಾಯಕರು ಚುನಾವಣಾ ಆಯೋಗಕ್ಕೆ ದೂರು ನೀಡಿದ್ದು, ಇದು ಉದ್ದೇಶಪೂರ್ವಕ ತಡೆ ಎಂದು ಆರೋಪಿಸಿದ್ದಾರೆ. ಗೊಡ್ಡಾದಿಂದ ಸುಮಾರು 150 ಕಿಮೀ ದೂರದಲ್ಲಿ ಪ್ರಧಾನಿ ಅವರ ರ್‍ಯಾಲಿ ನಡೆಯುತ್ತಿದ್ದ ಕಾರಣ ಭದ್ರತಾ ದೃಷ್ಟಿಯಿಂದ ಅನುಮತಿ ನಿರಾಕರಿಸಲಾಗಿತ್ತು ಎನ್ನಲಾಗಿದೆ.
Printed by T.S. Gopinath, Published by M. Govinde Gowda on behalf of Academy Newspapers Private Limited, 15-C Industrial 'A' Layout, Bannimantap, Mysore-570 015 and Printed at Academy Newspapers Private Limited, 15-C Industrial 'A' Layout, Bannimantap, Mysore-570 015 and Published at 15-C Industrial 'A' Layout, Bannimantap, Mysore-570 015, Editor: M. Govinde Gowda Ph: 2496520 / 2496521 / 2496526 / 2496527 / 2496528. Fax: 0821-2496525. CITY OFFICES: Visveswaraya Building, III Floor, K.R. CIRCLE, MYSORE-570 001, Ph: 2431774 and No. 114, D. DEVARAJ URS ROAD (Opposite Big Bus), MYSORE-570 001. Ph: 2428695. RNI Reg. No. 36581/1980 E-mail address: mysoorumithra@gmail.com For advertisements: mysoorumithra@gmail.com
